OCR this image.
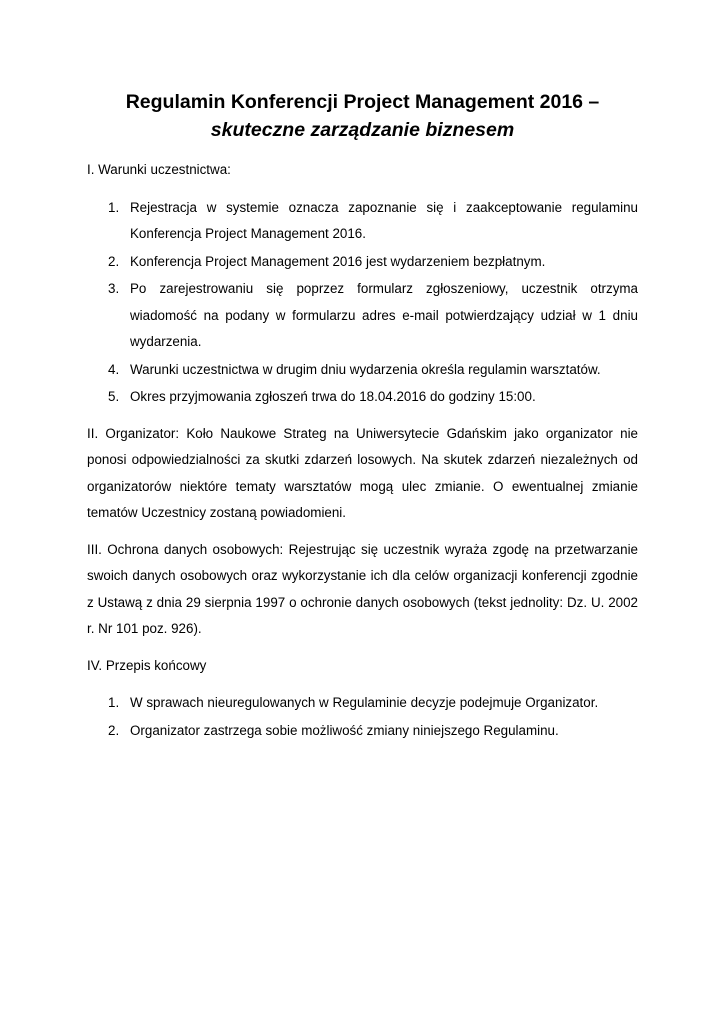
Regulamin Konferencji Project Management 2016 –
skuteczne zarządzanie biznesem

I. Warunki uczestnictwa:

1. Rejestracja w systemie oznacza zapoznanie się i zaakceptowanie regulaminu Konferencja Project Management 2016.
2. Konferencja Project Management 2016 jest wydarzeniem bezpłatnym.
3. Po zarejestrowaniu się poprzez formularz zgłoszeniowy, uczestnik otrzyma wiadomość na podany w formularzu adres e-mail potwierdzający udział w 1 dniu wydarzenia.
4. Warunki uczestnictwa w drugim dniu wydarzenia określa regulamin warsztatów.
5. Okres przyjmowania zgłoszeń trwa do 18.04.2016 do godziny 15:00.

II. Organizator: Koło Naukowe Strateg na Uniwersytecie Gdańskim jako organizator nie ponosi odpowiedzialności za skutki zdarzeń losowych. Na skutek zdarzeń niezależnych od organizatorów niektóre tematy warsztatów mogą ulec zmianie. O ewentualnej zmianie tematów Uczestnicy zostaną powiadomieni.

III. Ochrona danych osobowych: Rejestrując się uczestnik wyraża zgodę na przetwarzanie swoich danych osobowych oraz wykorzystanie ich dla celów organizacji konferencji zgodnie z Ustawą z dnia 29 sierpnia 1997 o ochronie danych osobowych (tekst jednolity: Dz. U. 2002 r. Nr 101 poz. 926).

IV. Przepis końcowy

1. W sprawach nieuregulowanych w Regulaminie decyzje podejmuje Organizator.
2. Organizator zastrzega sobie możliwość zmiany niniejszego Regulaminu.
